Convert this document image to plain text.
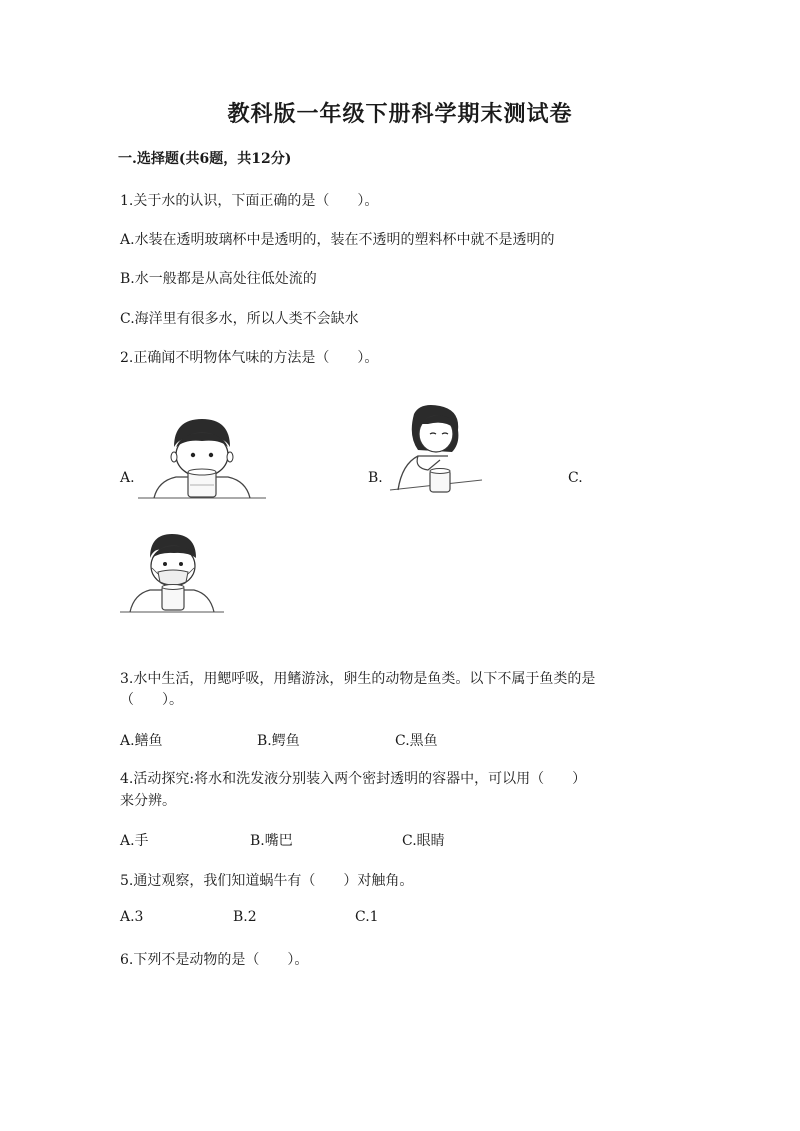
教科版一年级下册科学期末测试卷
一.选择题(共6题，共12分)
1.关于水的认识，下面正确的是（　　）。
A.水装在透明玻璃杯中是透明的，装在不透明的塑料杯中就不是透明的
B.水一般都是从高处往低处流的
C.海洋里有很多水，所以人类不会缺水
2.正确闻不明物体气味的方法是（　　）。
A.	B.	C.
3.水中生活，用鳃呼吸，用鳍游泳，卵生的动物是鱼类。以下不属于鱼类的是
（　　）。
A.鳝鱼	B.鳄鱼	C.黑鱼
4.活动探究:将水和洗发液分别装入两个密封透明的容器中，可以用（　　）
来分辨。
A.手	B.嘴巴	C.眼睛
5.通过观察，我们知道蜗牛有（　　）对触角。
A.3	B.2	C.1
6.下列不是动物的是（　　）。
